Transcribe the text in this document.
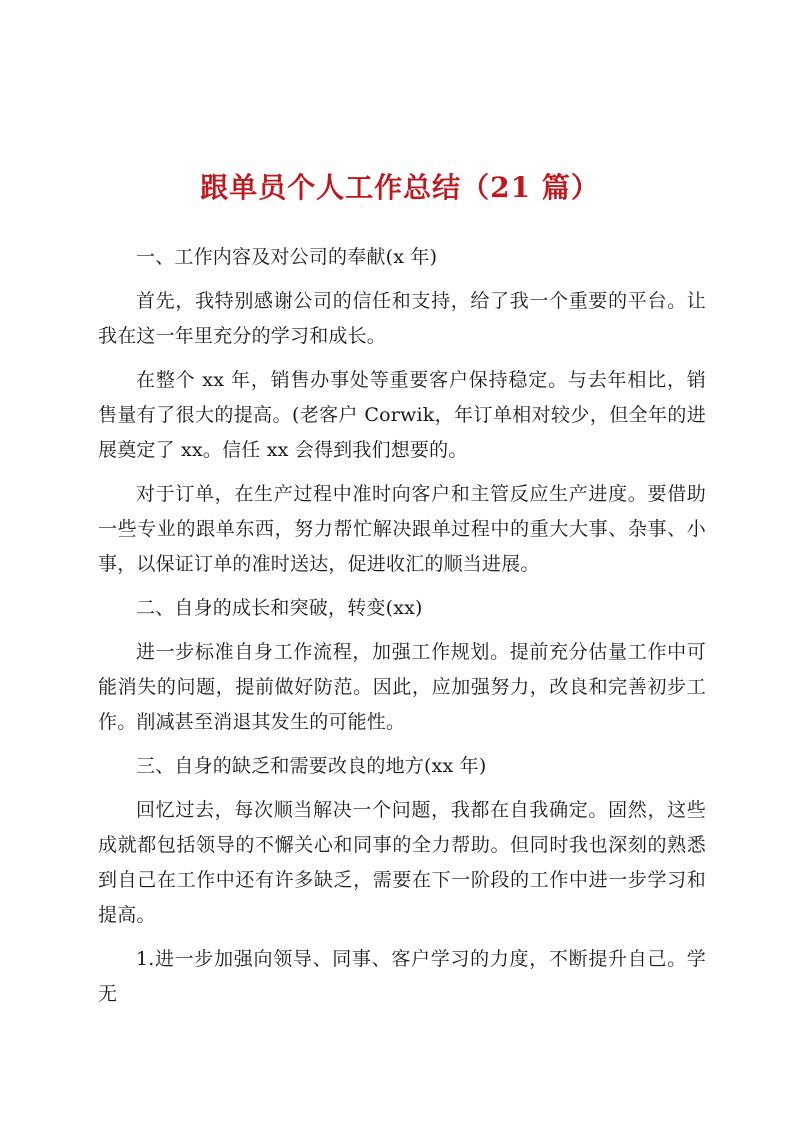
跟单员个人工作总结（21 篇）

一、工作内容及对公司的奉献(x 年)

首先，我特别感谢公司的信任和支持，给了我一个重要的平台。让我在这一年里充分的学习和成长。

在整个 xx 年，销售办事处等重要客户保持稳定。与去年相比，销售量有了很大的提高。(老客户 Corwik，年订单相对较少，但全年的进展奠定了 xx。信任 xx 会得到我们想要的。

对于订单，在生产过程中准时向客户和主管反应生产进度。要借助一些专业的跟单东西，努力帮忙解决跟单过程中的重大大事、杂事、小事，以保证订单的准时送达，促进收汇的顺当进展。

二、自身的成长和突破，转变(xx)

进一步标准自身工作流程，加强工作规划。提前充分估量工作中可能消失的问题，提前做好防范。因此，应加强努力，改良和完善初步工作。削减甚至消退其发生的可能性。

三、自身的缺乏和需要改良的地方(xx 年)

回忆过去，每次顺当解决一个问题，我都在自我确定。固然，这些成就都包括领导的不懈关心和同事的全力帮助。但同时我也深刻的熟悉到自己在工作中还有许多缺乏，需要在下一阶段的工作中进一步学习和提高。

1.进一步加强向领导、同事、客户学习的力度，不断提升自己。学无
